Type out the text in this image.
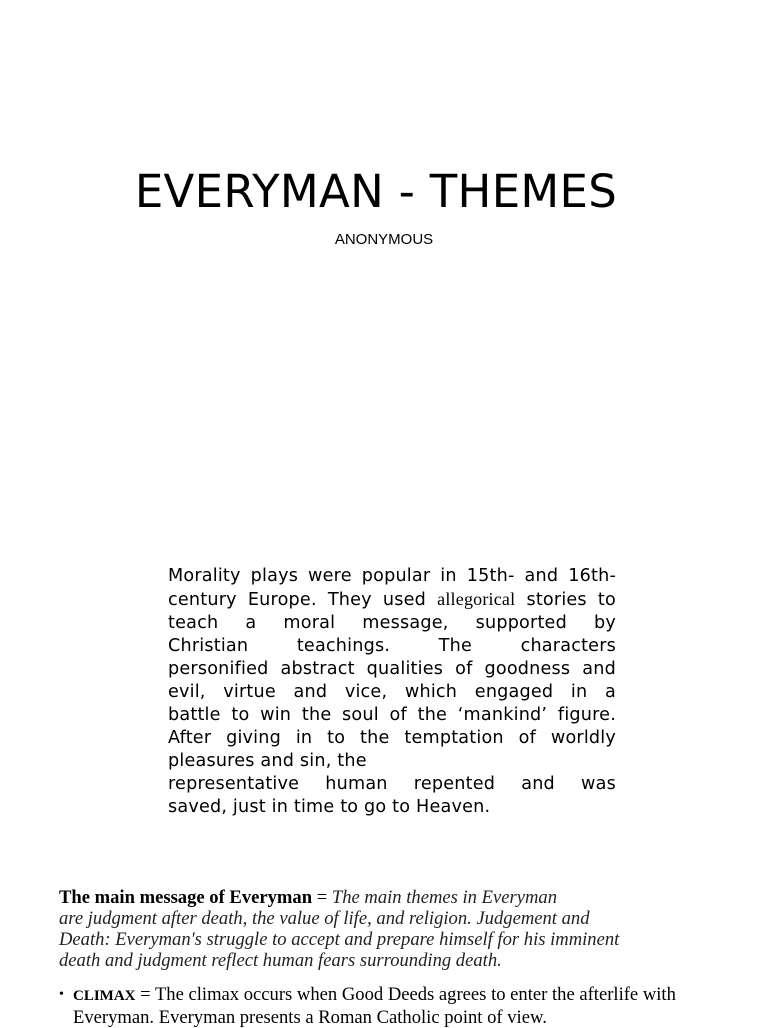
EVERYMAN - THEMES
ANONYMOUS
Morality plays were popular in 15th- and 16th-
century Europe. They used allegorical stories to
teach a moral message, supported by
Christian teachings. The characters
personified abstract qualities of goodness and
evil, virtue and vice, which engaged in a
battle to win the soul of the ‘mankind’ figure.
After giving in to the temptation of worldly
pleasures and sin, the
representative human repented and was
saved, just in time to go to Heaven.
The main message of Everyman = The main themes in Everyman
are judgment after death, the value of life, and religion. Judgement and
Death: Everyman's struggle to accept and prepare himself for his imminent
death and judgment reflect human fears surrounding death.
• CLIMAX = The climax occurs when Good Deeds agrees to enter the afterlife with
Everyman. Everyman presents a Roman Catholic point of view.
